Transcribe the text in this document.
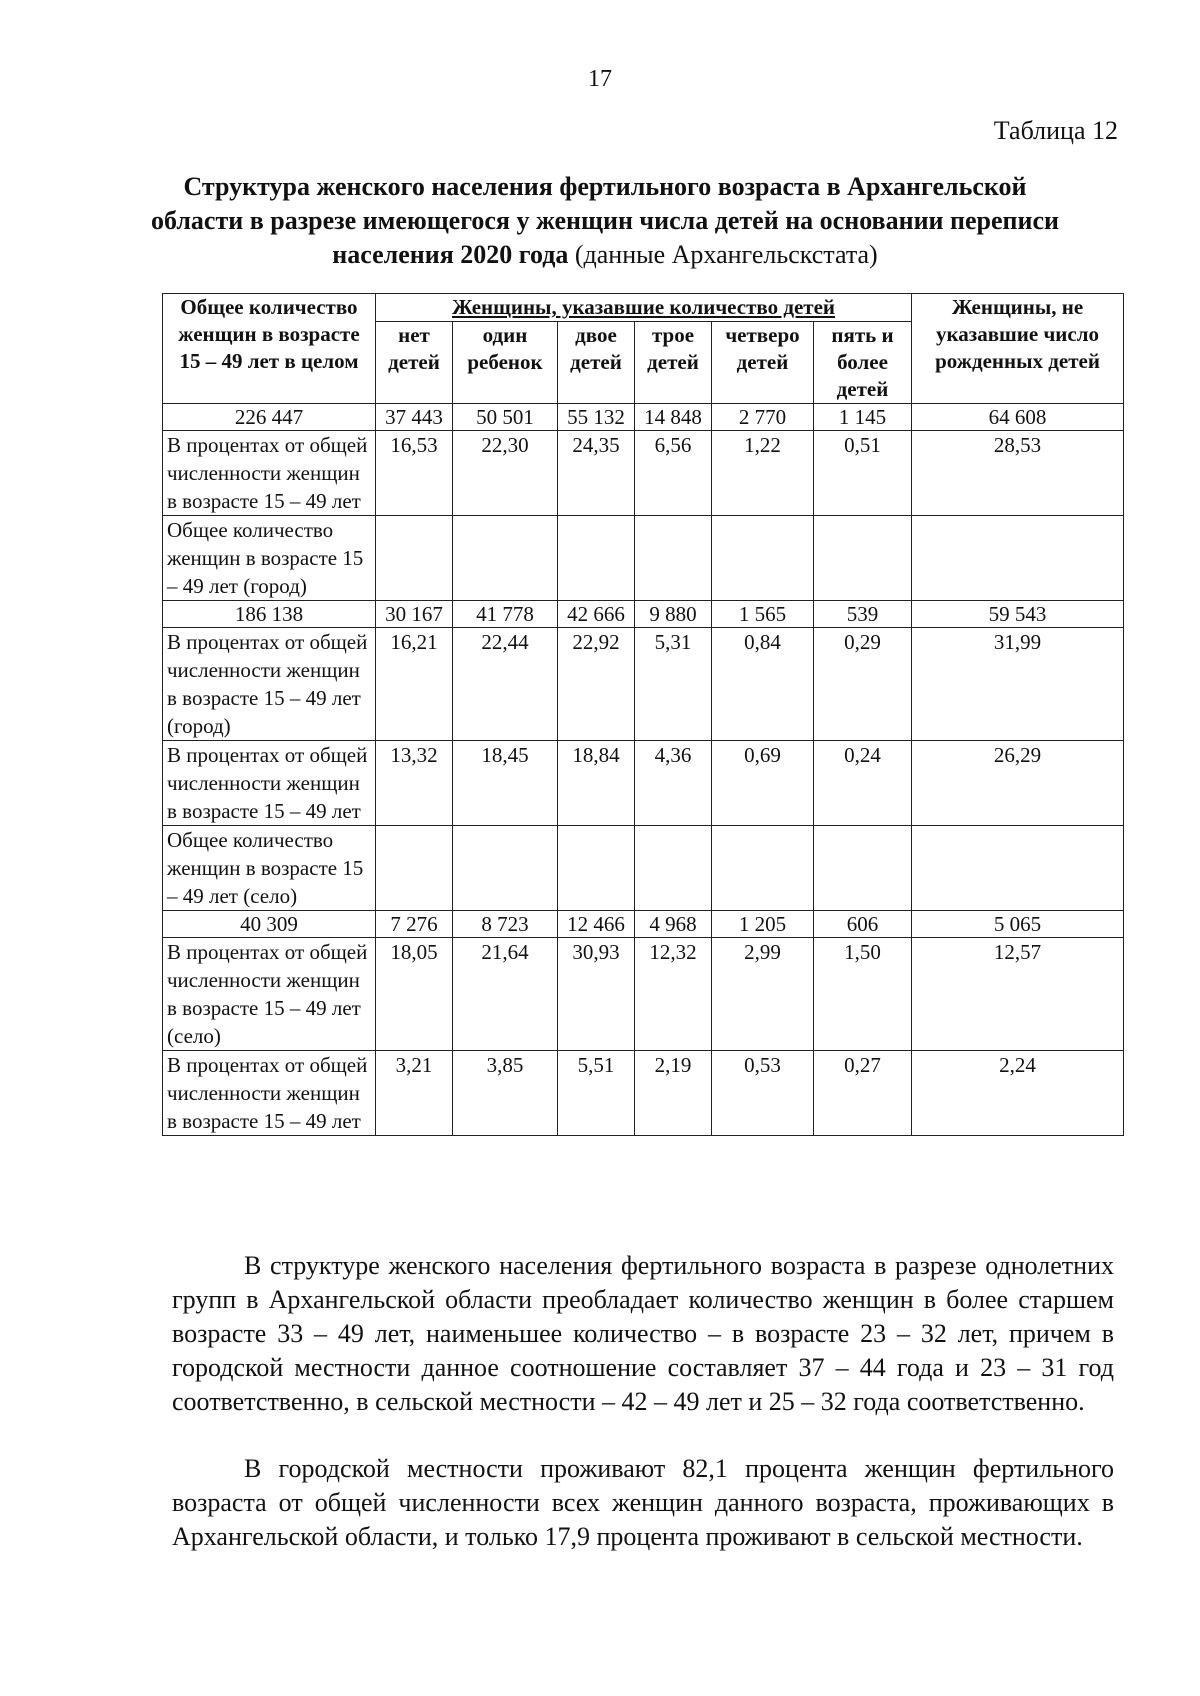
17
Таблица 12
Структура женского населения фертильного возраста в Архангельской области в разрезе имеющегося у женщин числа детей на основании переписи населения 2020 года (данные Архангельскстата)
Общее количество женщин в возрасте 15 – 49 лет в целом	Женщины, указавшие количество детей						Женщины, не указавшие число рожденных детей
	нет детей	один ребенок	двое детей	трое детей	четверо детей	пять и более детей	
226 447	37 443	50 501	55 132	14 848	2 770	1 145	64 608
В процентах от общей численности женщин в возрасте 15 – 49 лет	16,53	22,30	24,35	6,56	1,22	0,51	28,53
Общее количество женщин в возрасте 15 – 49 лет (город)							
186 138	30 167	41 778	42 666	9 880	1 565	539	59 543
В процентах от общей численности женщин в возрасте 15 – 49 лет (город)	16,21	22,44	22,92	5,31	0,84	0,29	31,99
В процентах от общей численности женщин в возрасте 15 – 49 лет	13,32	18,45	18,84	4,36	0,69	0,24	26,29
Общее количество женщин в возрасте 15 – 49 лет (село)							
40 309	7 276	8 723	12 466	4 968	1 205	606	5 065
В процентах от общей численности женщин в возрасте 15 – 49 лет (село)	18,05	21,64	30,93	12,32	2,99	1,50	12,57
В процентах от общей численности женщин в возрасте 15 – 49 лет	3,21	3,85	5,51	2,19	0,53	0,27	2,24
В структуре женского населения фертильного возраста в разрезе однолетних групп в Архангельской области преобладает количество женщин в более старшем возрасте 33 – 49 лет, наименьшее количество – в возрасте 23 – 32 лет, причем в городской местности данное соотношение составляет 37 – 44 года и 23 – 31 год соответственно, в сельской местности – 42 – 49 лет и 25 – 32 года соответственно.
В городской местности проживают 82,1 процента женщин фертильного возраста от общей численности всех женщин данного возраста, проживающих в Архангельской области, и только 17,9 процента проживают в сельской местности.
